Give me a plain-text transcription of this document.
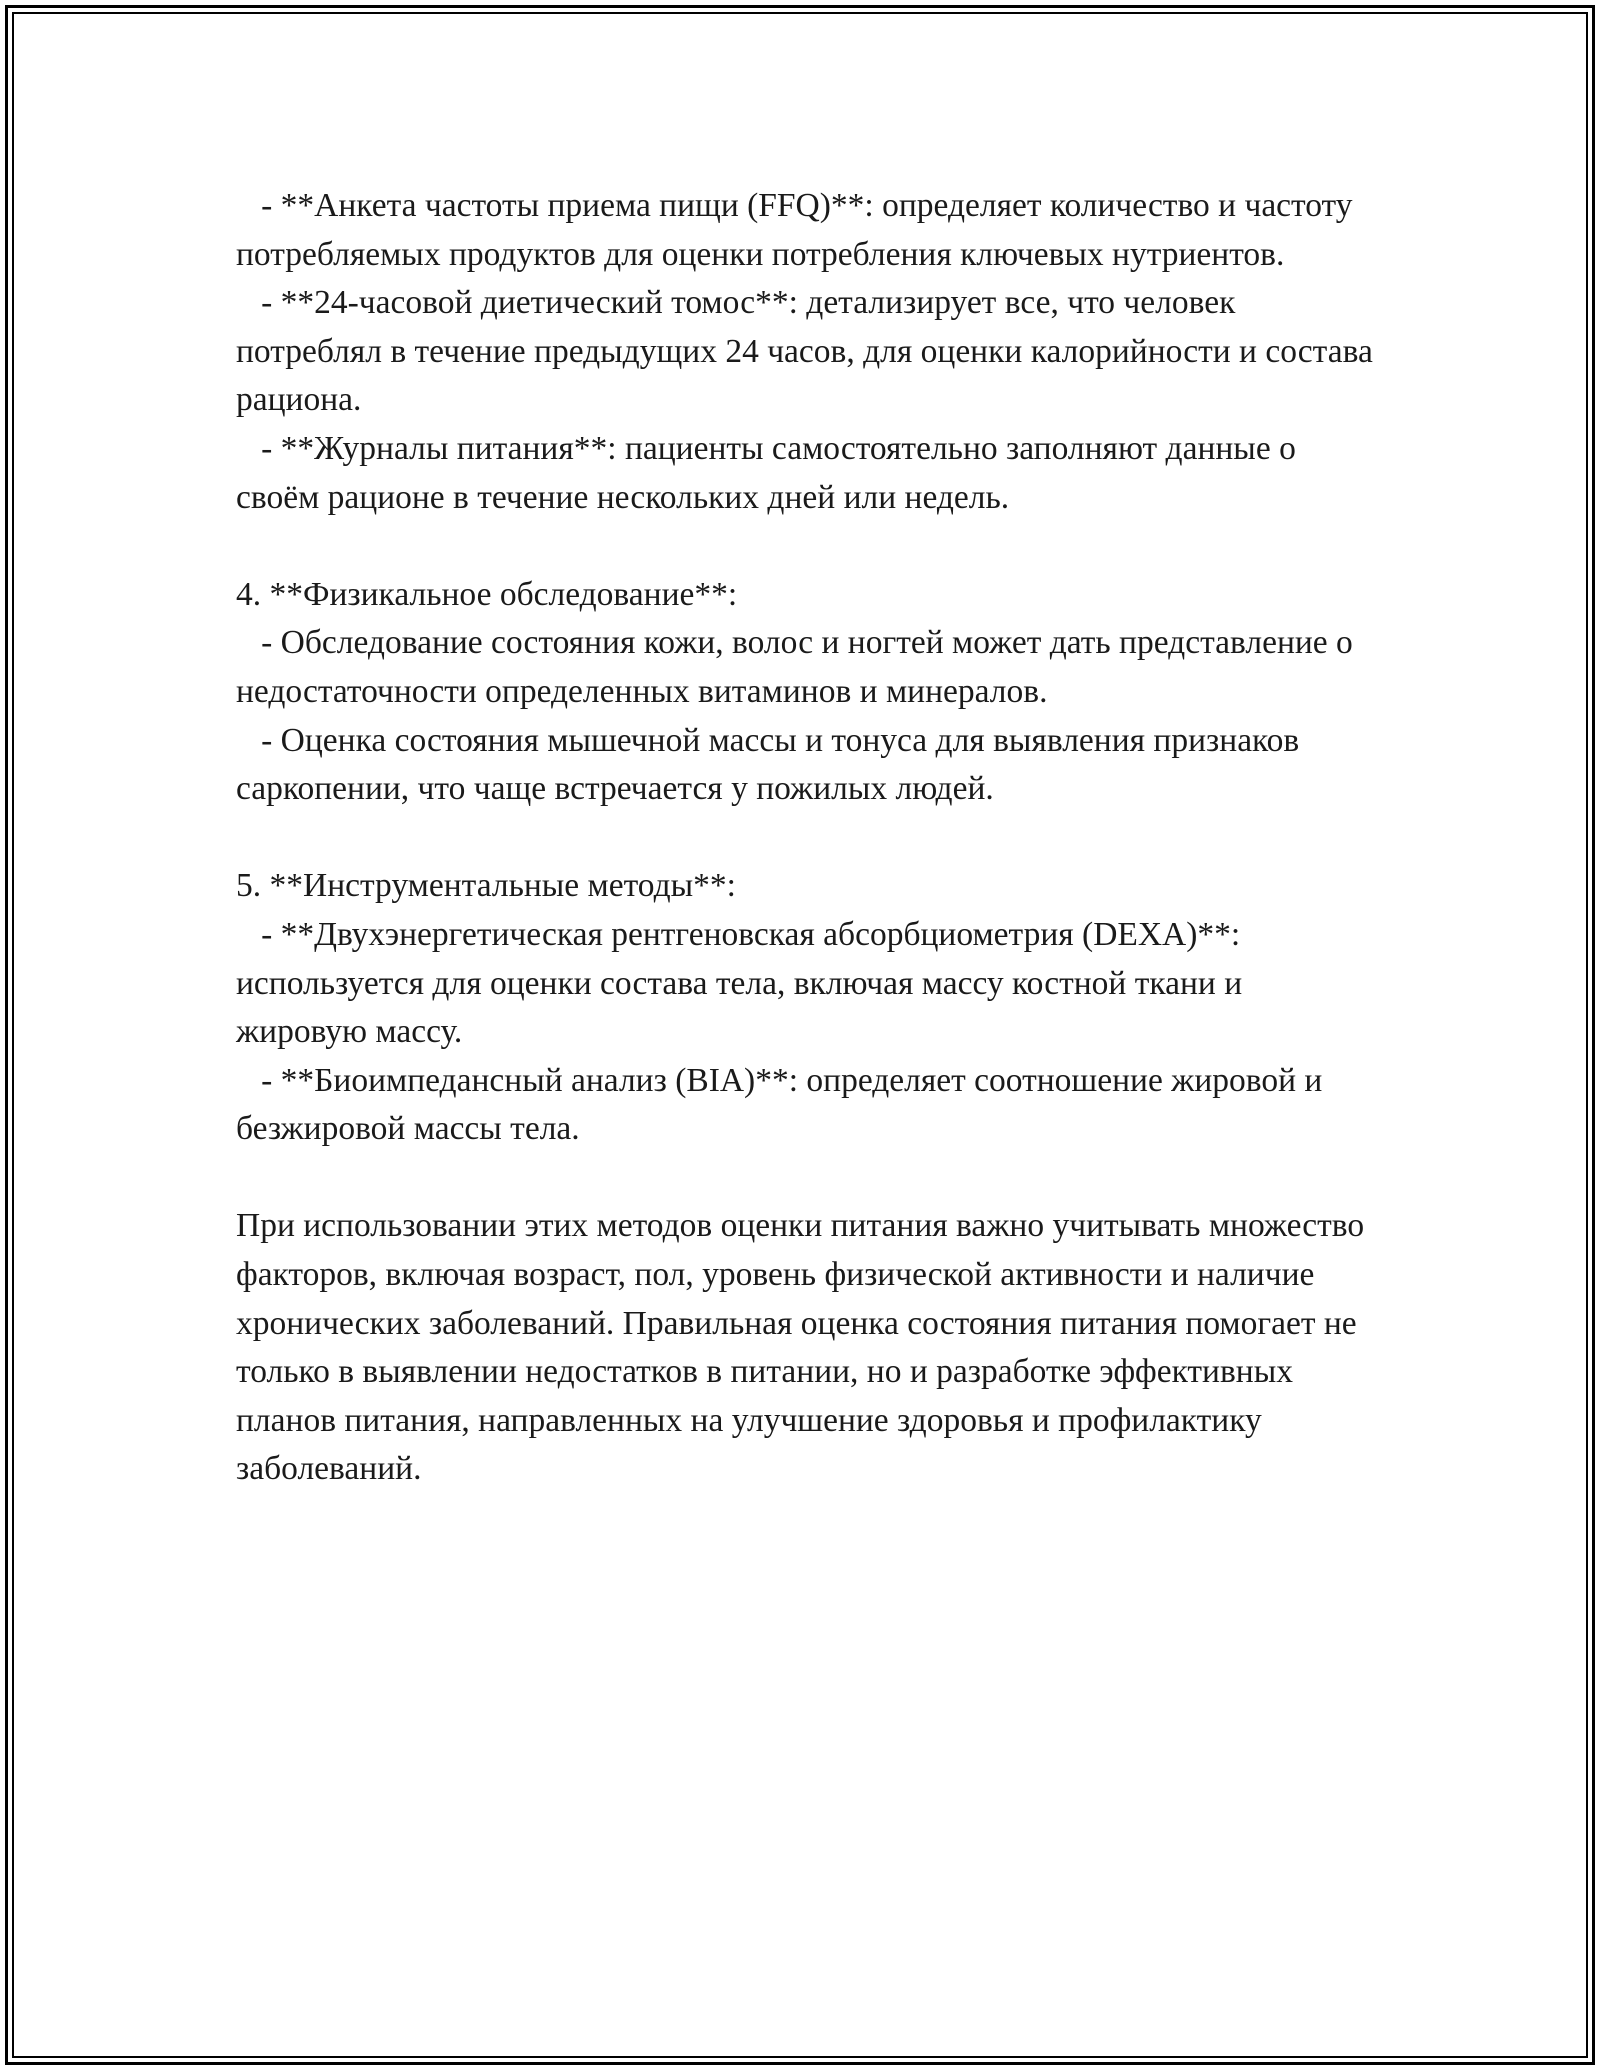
- **Анкета частоты приема пищи (FFQ)**: определяет количество и частоту потребляемых продуктов для оценки потребления ключевых нутриентов.

- **24-часовой диетический томос**: детализирует все, что человек потреблял в течение предыдущих 24 часов, для оценки калорийности и состава рациона.

- **Журналы питания**: пациенты самостоятельно заполняют данные о своём рационе в течение нескольких дней или недель.

4. **Физикальное обследование**:

- Обследование состояния кожи, волос и ногтей может дать представление о недостаточности определенных витаминов и минералов.

- Оценка состояния мышечной массы и тонуса для выявления признаков саркопении, что чаще встречается у пожилых людей.

5. **Инструментальные методы**:

- **Двухэнергетическая рентгеновская абсорбциометрия (DEXA)**: используется для оценки состава тела, включая массу костной ткани и жировую массу.

- **Биоимпедансный анализ (BIA)**: определяет соотношение жировой и безжировой массы тела.

При использовании этих методов оценки питания важно учитывать множество факторов, включая возраст, пол, уровень физической активности и наличие хронических заболеваний. Правильная оценка состояния питания помогает не только в выявлении недостатков в питании, но и разработке эффективных планов питания, направленных на улучшение здоровья и профилактику заболеваний.
